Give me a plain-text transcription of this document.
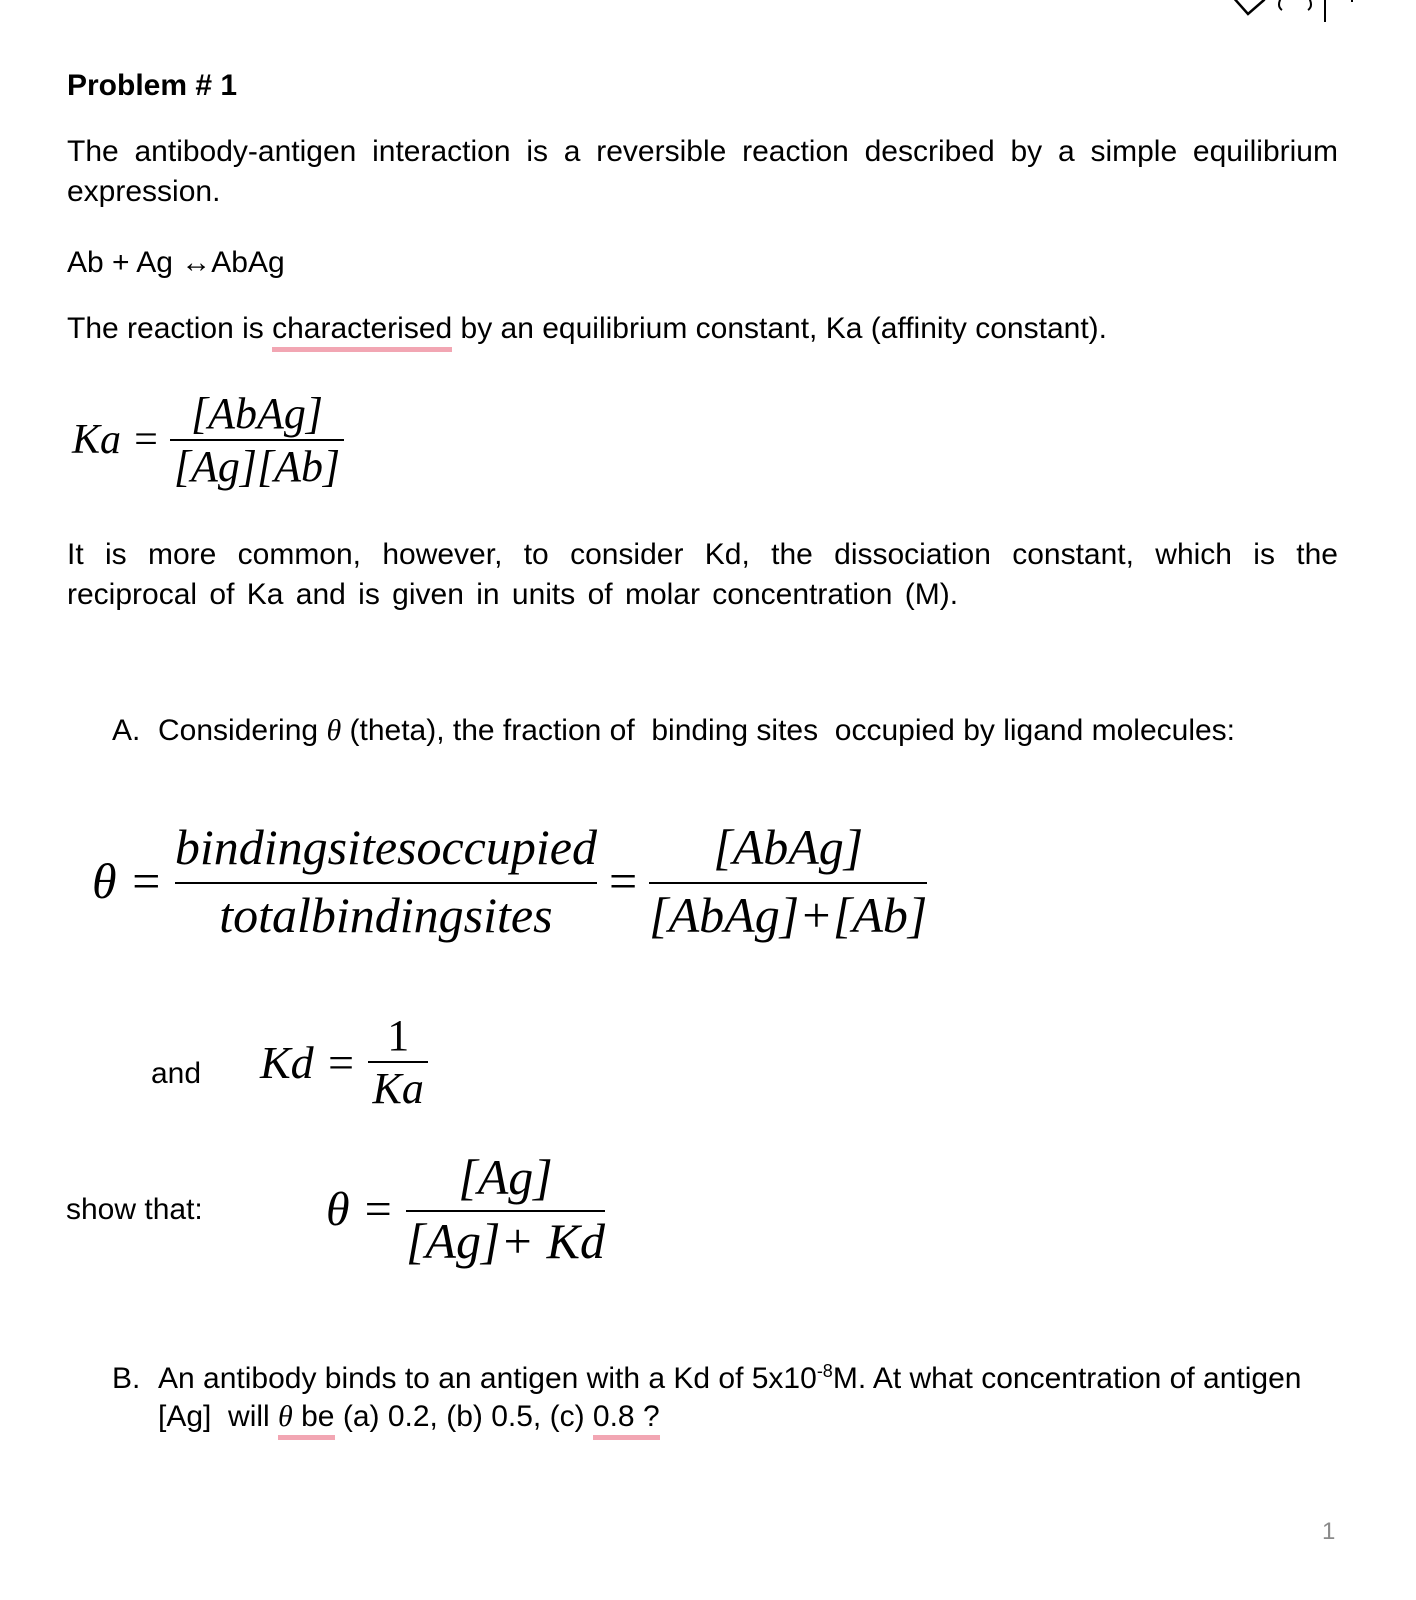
Problem # 1
The antibody-antigen interaction is a reversible reaction described by a simple equilibrium expression.
Ab + Ag ↔AbAg
The reaction is characterised by an equilibrium constant, Ka (affinity constant).
$Ka = \frac{\text{[AbAg]}}{[Ag][Ab]}$
It is more common, however, to consider Kd, the dissociation constant, which is the reciprocal of Ka and is given in units of molar concentration (M).
A. Considering θ (theta), the fraction of  binding sites  occupied by ligand molecules:
$\theta = \frac{\text{bindingsitesoccupied}}{\text{totalbindingsites}} = \frac{\text{[AbAg]}}{\text{[AbAg]+[Ab]}}$
and $Kd = \frac{1}{Ka}$
show that:	$\theta = \frac{[Ag]}{[Ag]+ Kd}$
B. An antibody binds to an antigen with a Kd of $5x10^{-8}M$. At what concentration of antigen
[Ag]  will θ be (a) 0.2, (b) 0.5, (c) 0.8 ?
1
